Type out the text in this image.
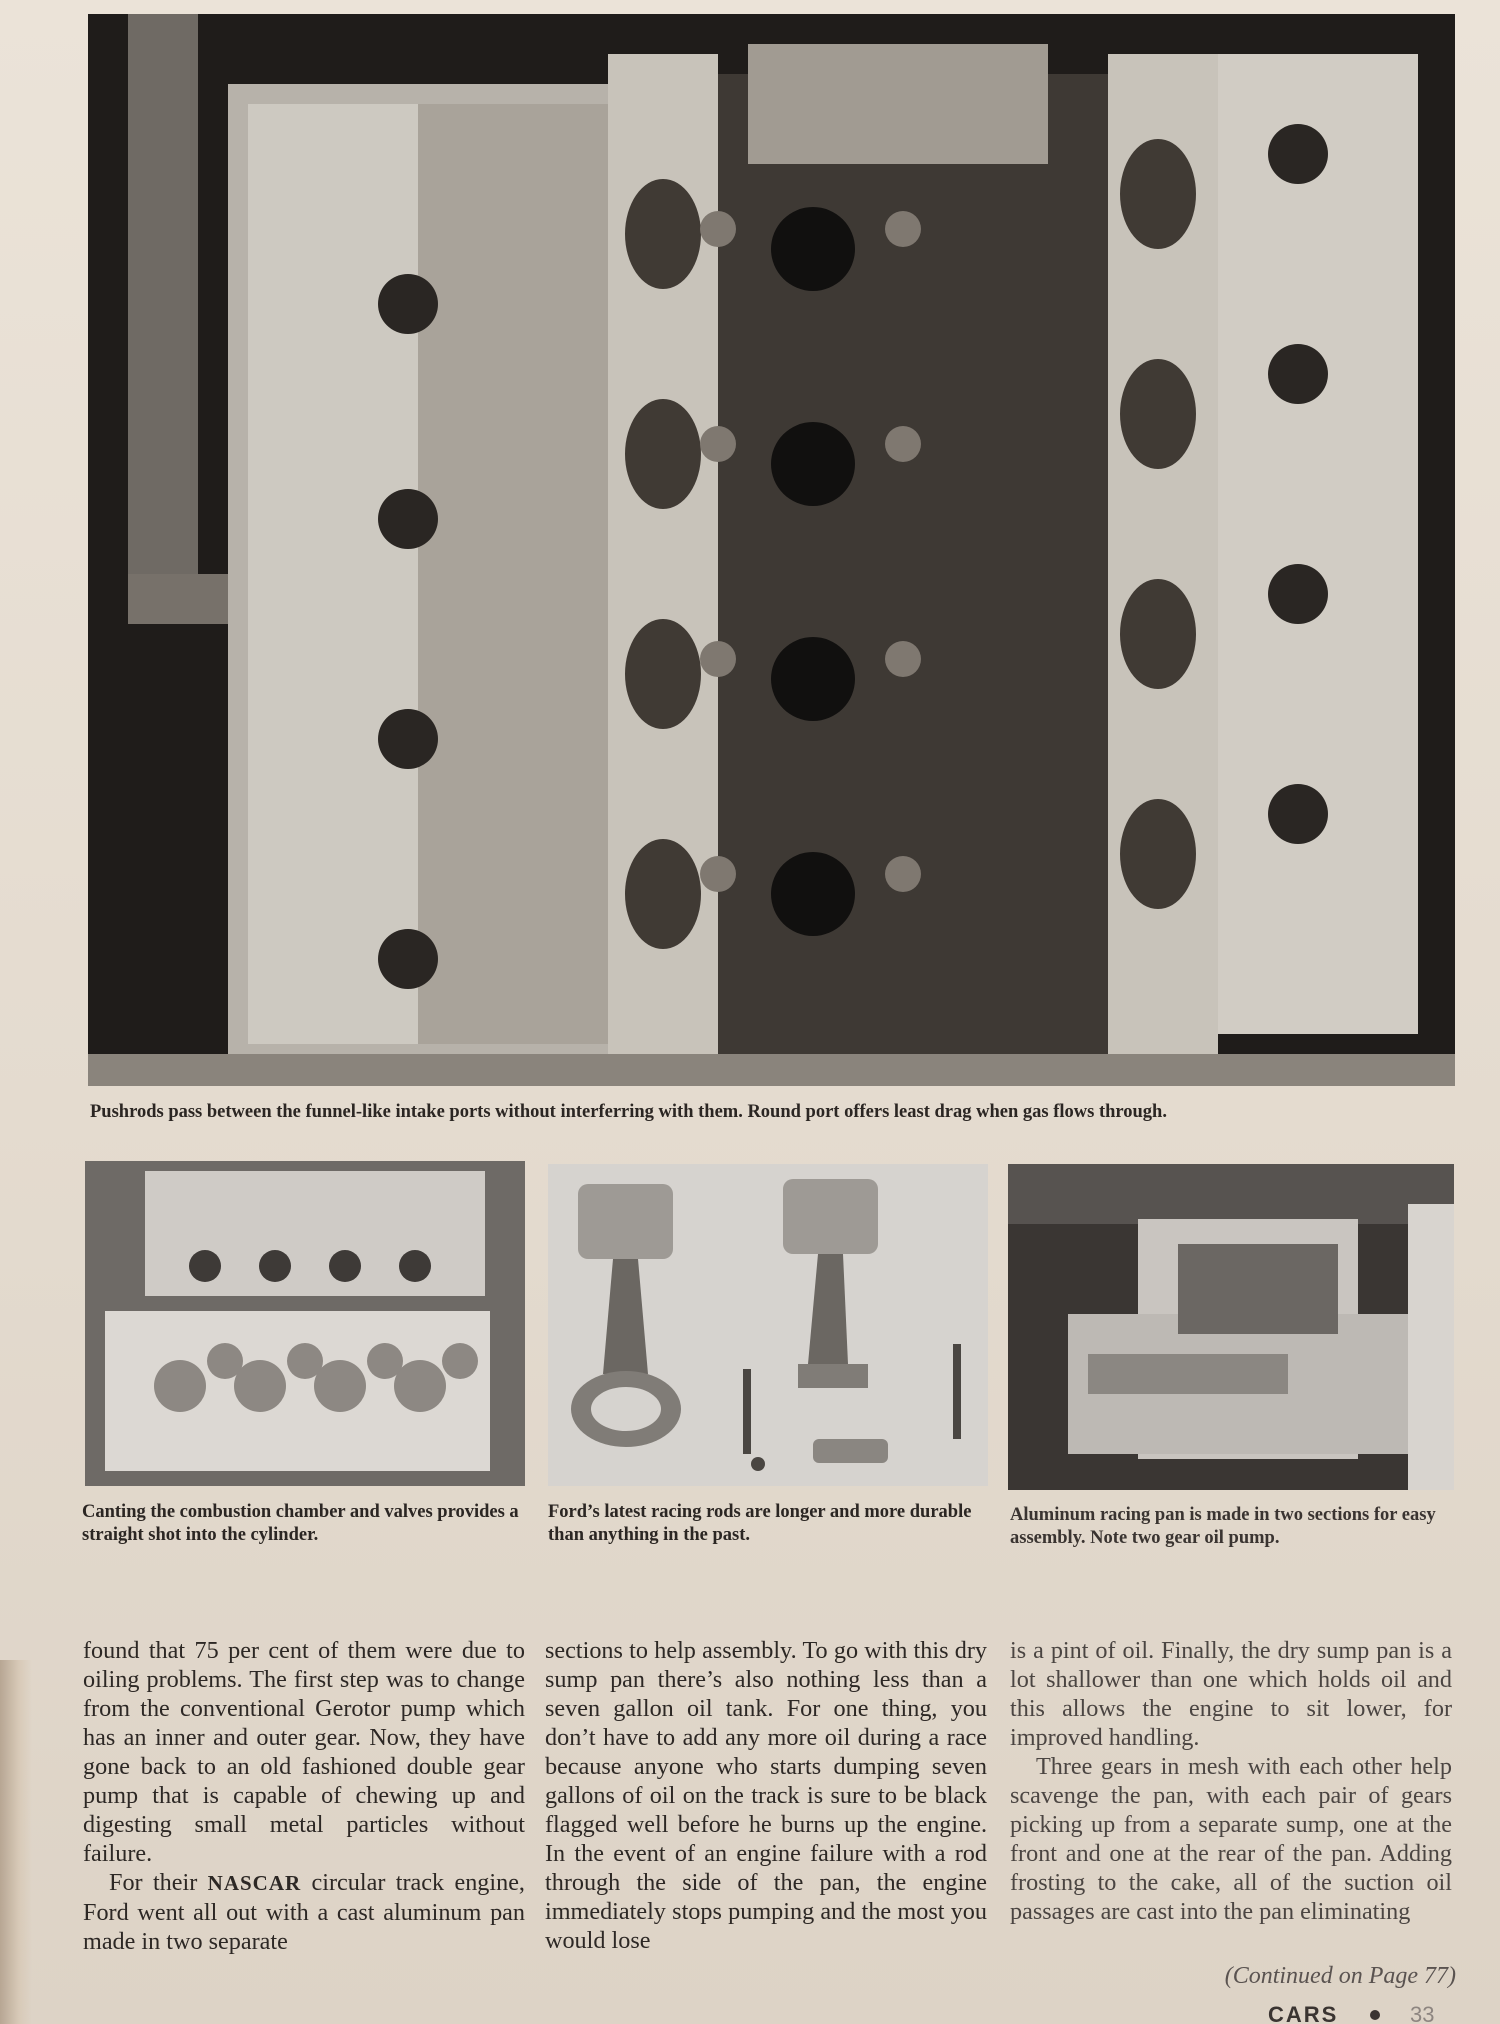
Pushrods pass between the funnel-like intake ports without interferring with them. Round port offers least drag when gas flows through.
Canting the combustion chamber and valves provides a straight shot into the cylinder.
Ford’s latest racing rods are longer and more durable than anything in the past.
Aluminum racing pan is made in two sections for easy assembly. Note two gear oil pump.

found that 75 per cent of them were due to oiling problems. The first step was to change from the conventional Gerotor pump which has an inner and outer gear. Now, they have gone back to an old fashioned double gear pump that is capable of chewing up and digesting small metal particles without failure.

For their NASCAR circular track engine, Ford went all out with a cast aluminum pan made in two separate

sections to help assembly. To go with this dry sump pan there’s also nothing less than a seven gallon oil tank. For one thing, you don’t have to add any more oil during a race because anyone who starts dumping seven gallons of oil on the track is sure to be black flagged well before he burns up the engine. In the event of an engine failure with a rod through the side of the pan, the engine immediately stops pumping and the most you would lose

is a pint of oil. Finally, the dry sump pan is a lot shallower than one which holds oil and this allows the engine to sit lower, for improved handling.

Three gears in mesh with each other help scavenge the pan, with each pair of gears picking up from a separate sump, one at the front and one at the rear of the pan. Adding frosting to the cake, all of the suction oil passages are cast into the pan eliminating

(Continued on Page 77)
CARS	33
